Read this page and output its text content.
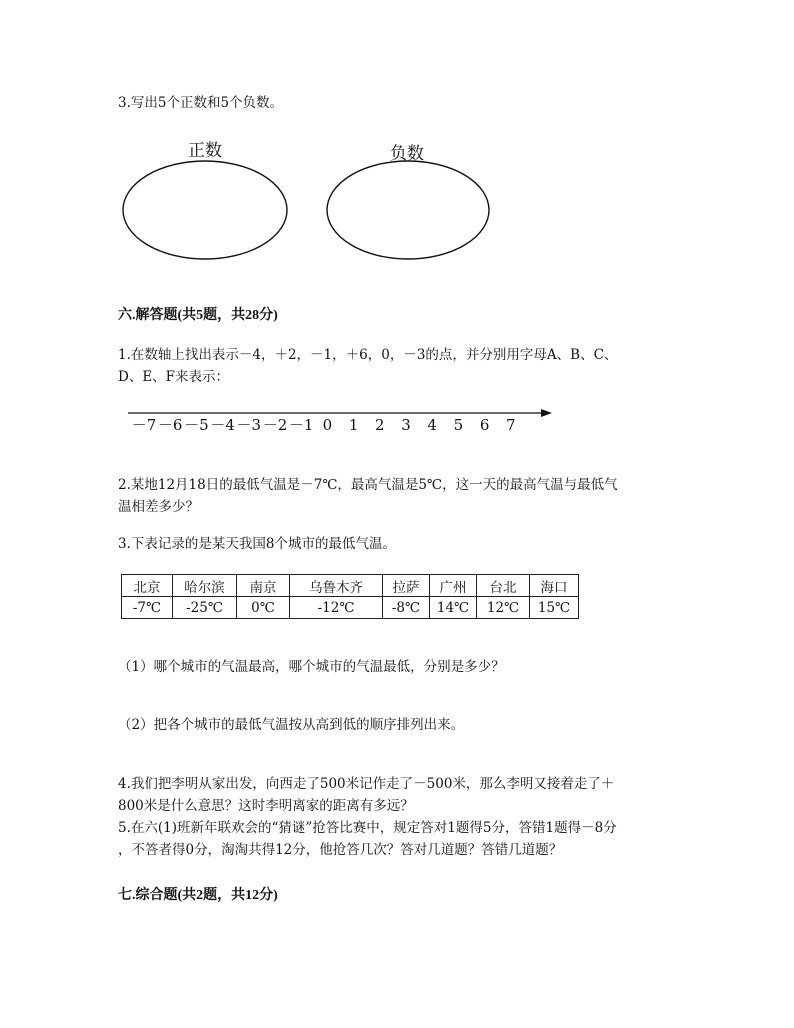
3.写出5个正数和5个负数。
正数	负数
六.解答题(共5题，共28分)
1.在数轴上找出表示－4，＋2，－1，＋6，0，－3的点，并分别用字母A、B、C、
D、E、F来表示：
－7 －6 －5 －4 －3 －2 －1 0 1 2 3 4 5 6 7
2.某地12月18日的最低气温是－7℃，最高气温是5℃，这一天的最高气温与最低气
温相差多少？
3.下表记录的是某天我国8个城市的最低气温。
北京	哈尔滨	南京	乌鲁木齐	拉萨	广州	台北	海口
-7℃	-25℃	0℃	-12℃	-8℃	14℃	12℃	15℃
（1）哪个城市的气温最高，哪个城市的气温最低，分别是多少？
（2）把各个城市的最低气温按从高到低的顺序排列出来。
4.我们把李明从家出发，向西走了500米记作走了－500米，那么李明又接着走了＋
800米是什么意思？这时李明离家的距离有多远？
5.在六(1)班新年联欢会的“猜谜”抢答比赛中，规定答对1题得5分，答错1题得－8分
，不答者得0分，淘淘共得12分，他抢答几次？答对几道题？答错几道题？
七.综合题(共2题，共12分)
